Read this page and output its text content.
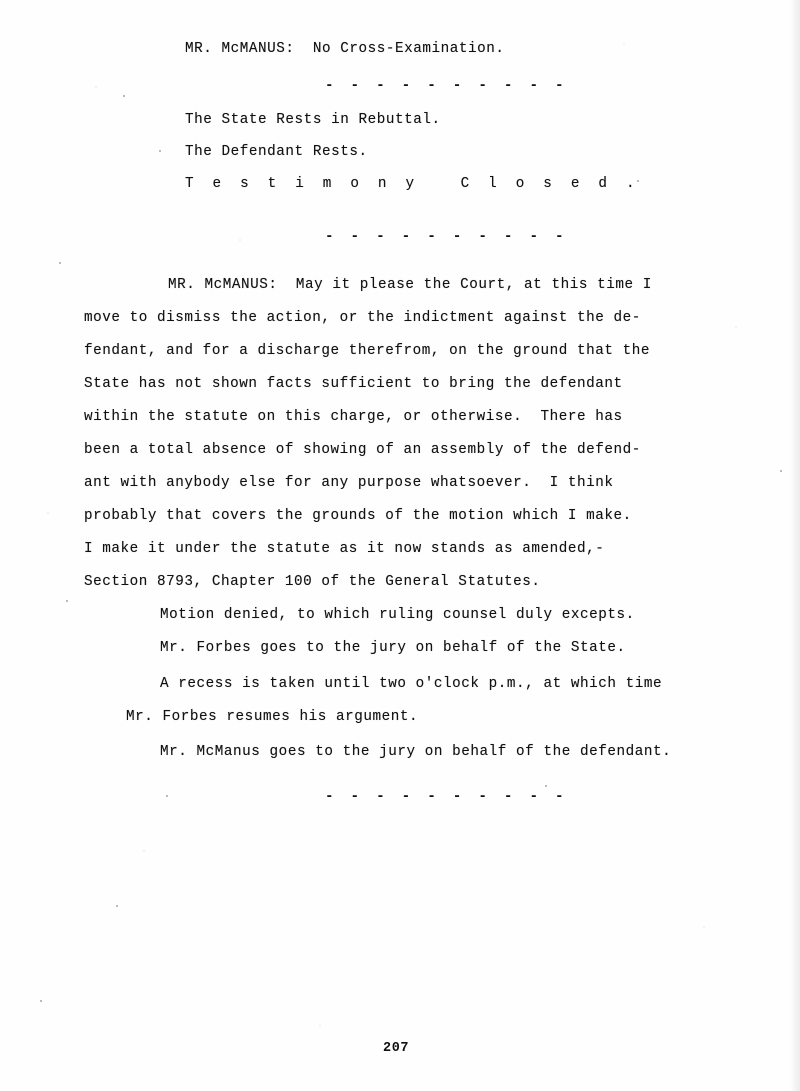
MR. McMANUS:  No Cross-Examination.
- - - - - - - - - -
The State Rests in Rebuttal.
The Defendant Rests.
T e s t i m o n y   C l o s e d .
- - - - - - - - - -
MR. McMANUS:  May it please the Court, at this time I
move to dismiss the action, or the indictment against the de-
fendant, and for a discharge therefrom, on the ground that the
State has not shown facts sufficient to bring the defendant
within the statute on this charge, or otherwise.  There has
been a total absence of showing of an assembly of the defend-
ant with anybody else for any purpose whatsoever.  I think
probably that covers the grounds of the motion which I make.
I make it under the statute as it now stands as amended,-
Section 8793, Chapter 100 of the General Statutes.
Motion denied, to which ruling counsel duly excepts.
Mr. Forbes goes to the jury on behalf of the State.
A recess is taken until two o'clock p.m., at which time
Mr. Forbes resumes his argument.
Mr. McManus goes to the jury on behalf of the defendant.
- - - - - - - - - -
207
